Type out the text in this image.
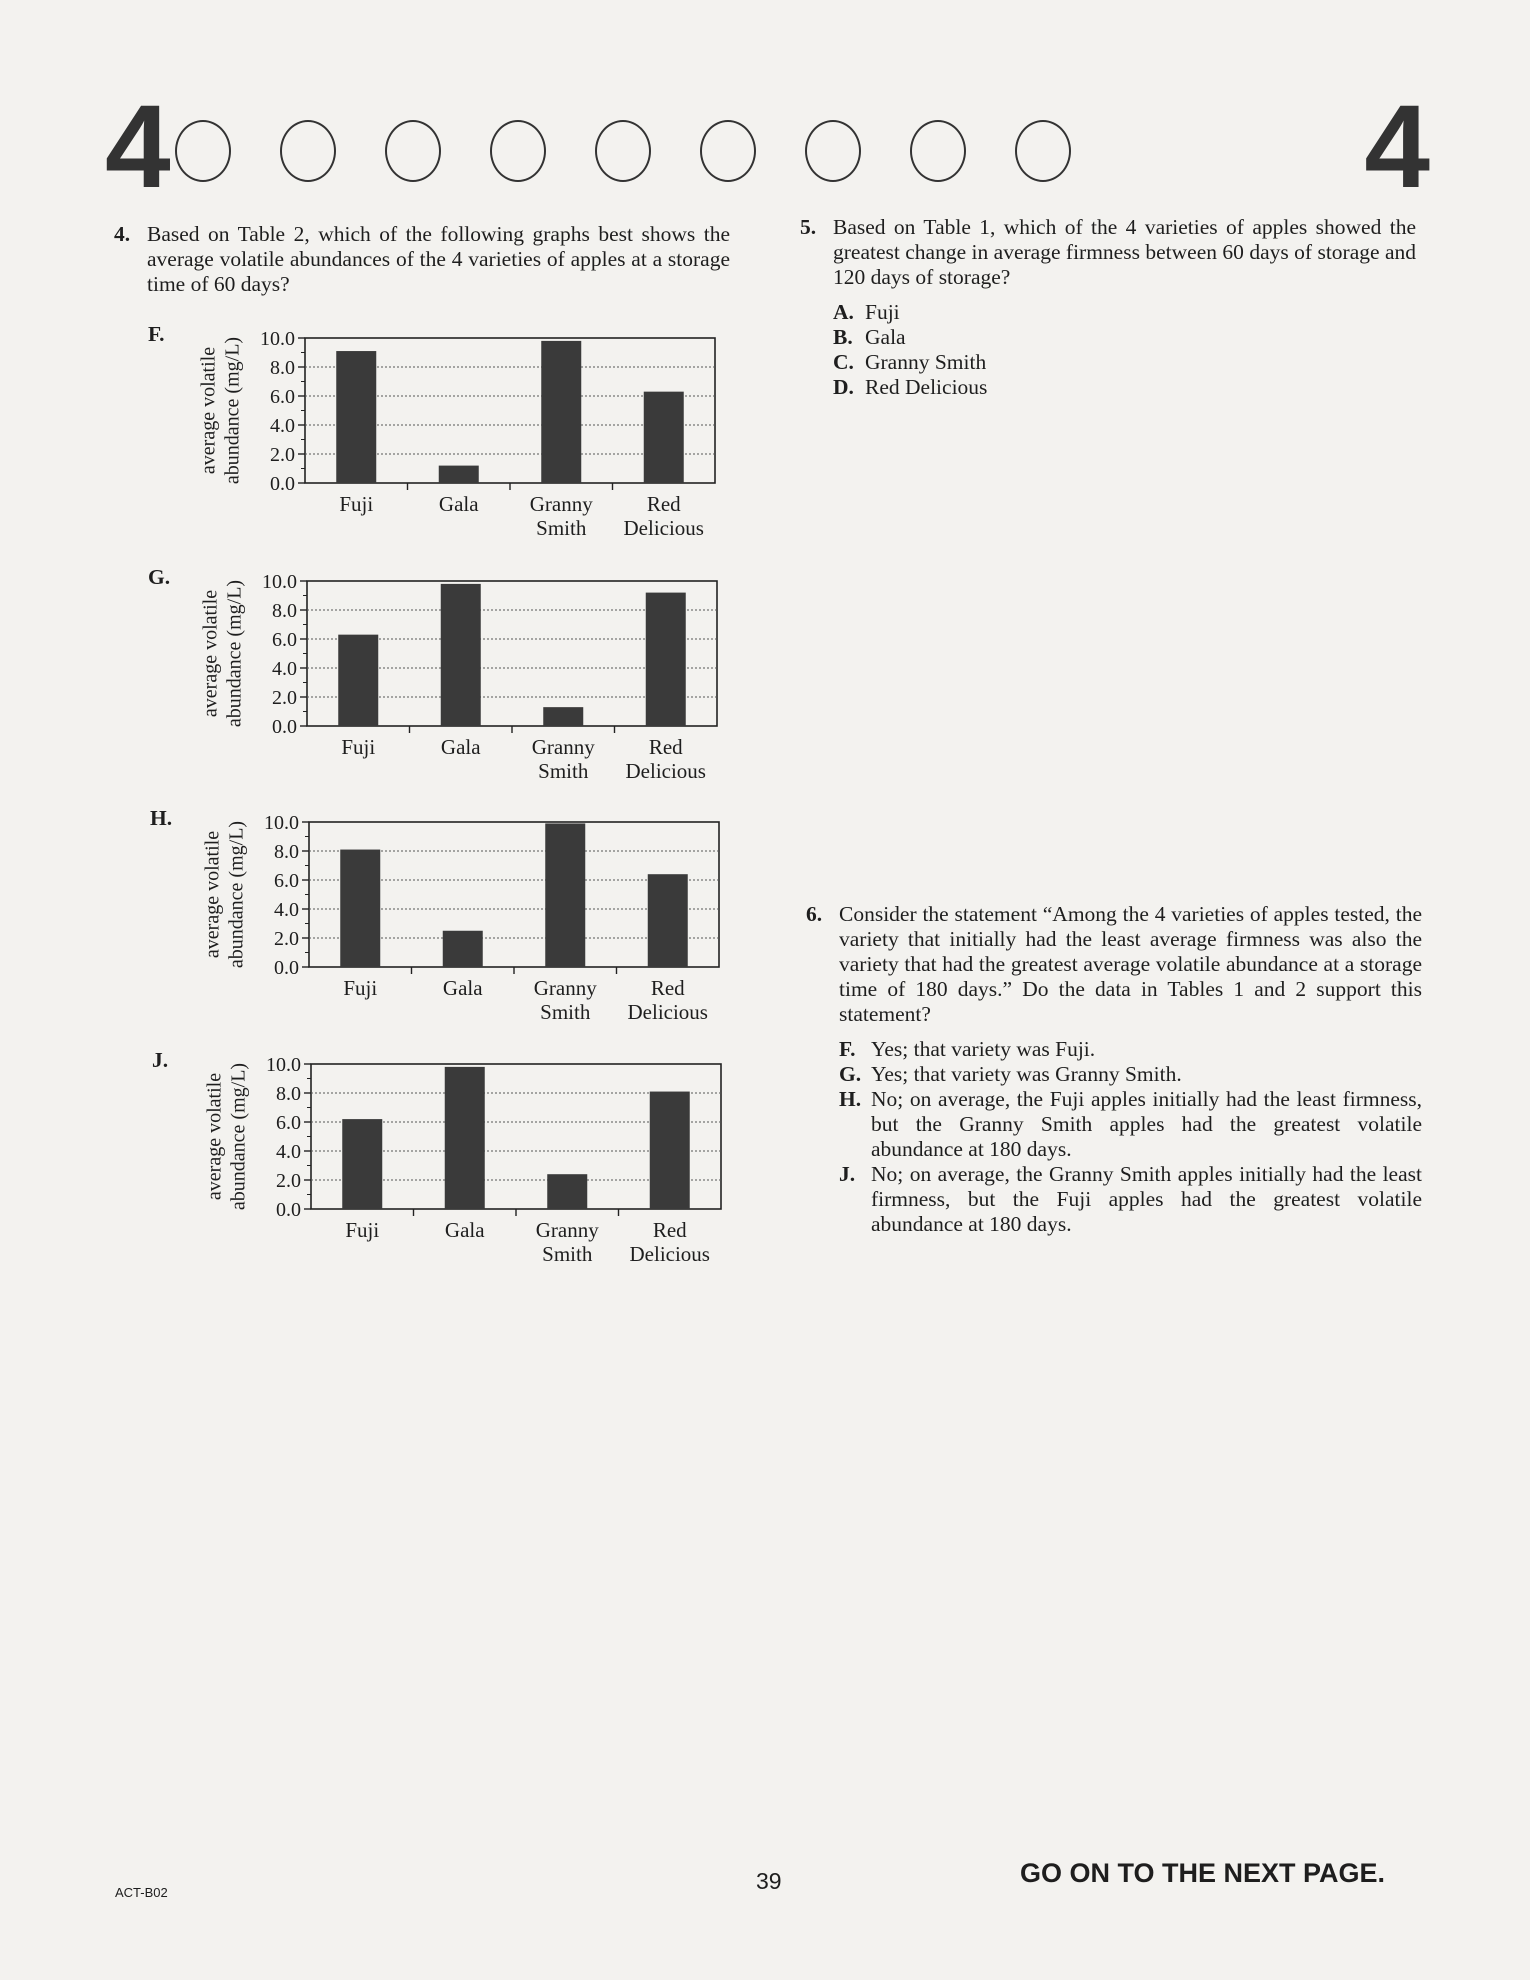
4	4
4. Based on Table 2, which of the following graphs best shows the average volatile abundances of the 4 varieties of apples at a storage time of 60 days?
F.
0.0
2.0
4.0
6.0
8.0
10.0
average volatile abundance (mg/L)
Fuji	Gala Granny
Smith
Red
Delicious
G.
0.0
2.0
4.0
6.0
8.0
10.0
average volatile abundance (mg/L)
Fuji	Gala Granny
Smith
Red
Delicious
H.
0.0
2.0
4.0
6.0
8.0
10.0
average volatile abundance (mg/L)
Fuji	Gala Granny
Smith
Red
Delicious
J.
0.0
2.0
4.0
6.0
8.0
10.0
average volatile abundance (mg/L)
Fuji	Gala Granny
Smith
Red
Delicious
5. Based on Table 1, which of the 4 varieties of apples showed the greatest change in average firmness between 60 days of storage and 120 days of storage?
A. Fuji
B. Gala
C. Granny Smith
D. Red Delicious
6. Consider the statement “Among the 4 varieties of apples tested, the variety that initially had the least average firmness was also the variety that had the greatest average volatile abundance at a storage time of 180 days.” Do the data in Tables 1 and 2 support this statement?
F. Yes; that variety was Fuji.
G. Yes; that variety was Granny Smith.
H. No; on average, the Fuji apples initially had the least firmness, but the Granny Smith apples had the greatest volatile abundance at 180 days.
J. No; on average, the Granny Smith apples initially had the least firmness, but the Fuji apples had the greatest volatile abundance at 180 days.
ACT-B02	39	GO ON TO THE NEXT PAGE.
